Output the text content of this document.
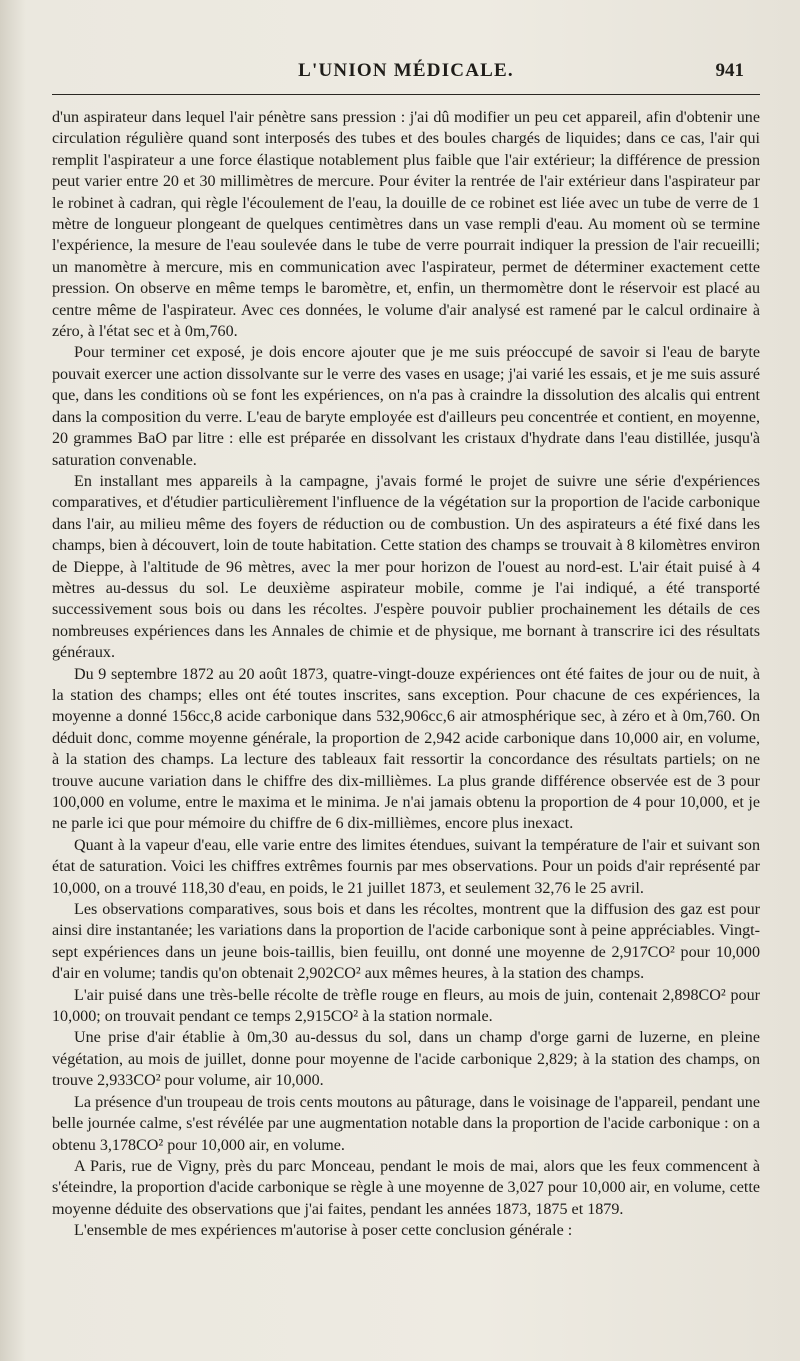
L'UNION MÉDICALE.	941

d'un aspirateur dans lequel l'air pénètre sans pression : j'ai dû modifier un peu cet appareil, afin d'obtenir une circulation régulière quand sont interposés des tubes et des boules chargés de liquides; dans ce cas, l'air qui remplit l'aspirateur a une force élastique notablement plus faible que l'air extérieur; la différence de pression peut varier entre 20 et 30 millimètres de mercure. Pour éviter la rentrée de l'air extérieur dans l'aspirateur par le robinet à cadran, qui règle l'écoulement de l'eau, la douille de ce robinet est liée avec un tube de verre de 1 mètre de longueur plongeant de quelques centimètres dans un vase rempli d'eau. Au moment où se termine l'expérience, la mesure de l'eau soulevée dans le tube de verre pourrait indiquer la pression de l'air recueilli; un manomètre à mercure, mis en communication avec l'aspirateur, permet de déterminer exactement cette pression. On observe en même temps le baromètre, et, enfin, un thermomètre dont le réservoir est placé au centre même de l'aspirateur. Avec ces données, le volume d'air analysé est ramené par le calcul ordinaire à zéro, à l'état sec et à 0m,760.

Pour terminer cet exposé, je dois encore ajouter que je me suis préoccupé de savoir si l'eau de baryte pouvait exercer une action dissolvante sur le verre des vases en usage; j'ai varié les essais, et je me suis assuré que, dans les conditions où se font les expériences, on n'a pas à craindre la dissolution des alcalis qui entrent dans la composition du verre. L'eau de baryte employée est d'ailleurs peu concentrée et contient, en moyenne, 20 grammes BaO par litre : elle est préparée en dissolvant les cristaux d'hydrate dans l'eau distillée, jusqu'à saturation convenable.

En installant mes appareils à la campagne, j'avais formé le projet de suivre une série d'expériences comparatives, et d'étudier particulièrement l'influence de la végétation sur la proportion de l'acide carbonique dans l'air, au milieu même des foyers de réduction ou de combustion. Un des aspirateurs a été fixé dans les champs, bien à découvert, loin de toute habitation. Cette station des champs se trouvait à 8 kilomètres environ de Dieppe, à l'altitude de 96 mètres, avec la mer pour horizon de l'ouest au nord-est. L'air était puisé à 4 mètres au-dessus du sol. Le deuxième aspirateur mobile, comme je l'ai indiqué, a été transporté successivement sous bois ou dans les récoltes. J'espère pouvoir publier prochainement les détails de ces nombreuses expériences dans les Annales de chimie et de physique, me bornant à transcrire ici des résultats généraux.

Du 9 septembre 1872 au 20 août 1873, quatre-vingt-douze expériences ont été faites de jour ou de nuit, à la station des champs; elles ont été toutes inscrites, sans exception. Pour chacune de ces expériences, la moyenne a donné 156cc,8 acide carbonique dans 532,906cc,6 air atmosphérique sec, à zéro et à 0m,760. On déduit donc, comme moyenne générale, la proportion de 2,942 acide carbonique dans 10,000 air, en volume, à la station des champs. La lecture des tableaux fait ressortir la concordance des résultats partiels; on ne trouve aucune variation dans le chiffre des dix-millièmes. La plus grande différence observée est de 3 pour 100,000 en volume, entre le maxima et le minima. Je n'ai jamais obtenu la proportion de 4 pour 10,000, et je ne parle ici que pour mémoire du chiffre de 6 dix-millièmes, encore plus inexact.

Quant à la vapeur d'eau, elle varie entre des limites étendues, suivant la température de l'air et suivant son état de saturation. Voici les chiffres extrêmes fournis par mes observations. Pour un poids d'air représenté par 10,000, on a trouvé 118,30 d'eau, en poids, le 21 juillet 1873, et seulement 32,76 le 25 avril.

Les observations comparatives, sous bois et dans les récoltes, montrent que la diffusion des gaz est pour ainsi dire instantanée; les variations dans la proportion de l'acide carbonique sont à peine appréciables. Vingt-sept expériences dans un jeune bois-taillis, bien feuillu, ont donné une moyenne de 2,917CO² pour 10,000 d'air en volume; tandis qu'on obtenait 2,902CO² aux mêmes heures, à la station des champs.

L'air puisé dans une très-belle récolte de trèfle rouge en fleurs, au mois de juin, contenait 2,898CO² pour 10,000; on trouvait pendant ce temps 2,915CO² à la station normale.

Une prise d'air établie à 0m,30 au-dessus du sol, dans un champ d'orge garni de luzerne, en pleine végétation, au mois de juillet, donne pour moyenne de l'acide carbonique 2,829; à la station des champs, on trouve 2,933CO² pour volume, air 10,000.

La présence d'un troupeau de trois cents moutons au pâturage, dans le voisinage de l'appareil, pendant une belle journée calme, s'est révélée par une augmentation notable dans la proportion de l'acide carbonique : on a obtenu 3,178CO² pour 10,000 air, en volume.

A Paris, rue de Vigny, près du parc Monceau, pendant le mois de mai, alors que les feux commencent à s'éteindre, la proportion d'acide carbonique se règle à une moyenne de 3,027 pour 10,000 air, en volume, cette moyenne déduite des observations que j'ai faites, pendant les années 1873, 1875 et 1879.

L'ensemble de mes expériences m'autorise à poser cette conclusion générale :
